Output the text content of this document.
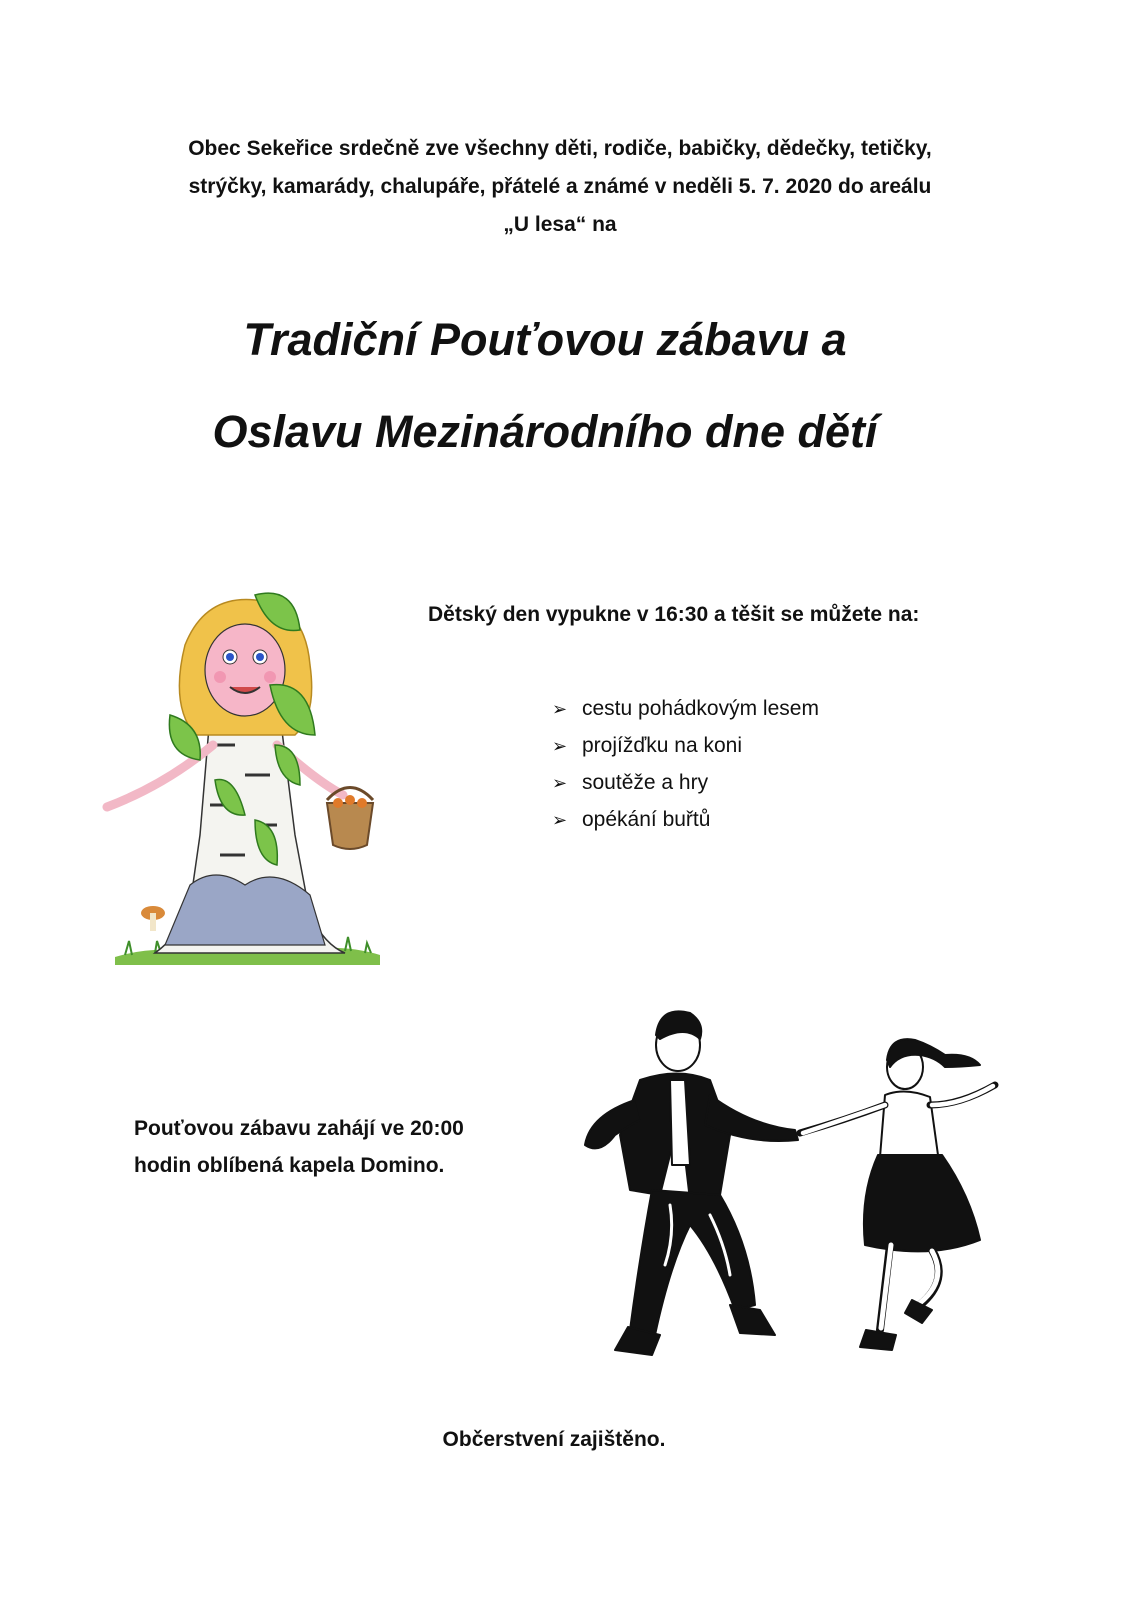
Obec Sekeřice srdečně zve všechny děti, rodiče, babičky, dědečky, tetičky,
strýčky, kamarády, chalupáře, přátelé a známé v neděli 5. 7. 2020 do areálu
„U lesa“ na
Tradiční Pouťovou zábavu a
Oslavu Mezinárodního dne dětí
Dětský den vypukne v 16:30 a těšit se můžete na:
➢ cestu pohádkovým lesem
➢ projížďku na koni
➢ soutěže a hry
➢ opékání buřtů
Pouťovou zábavu zahájí ve 20:00
hodin oblíbená kapela Domino.
Občerstvení zajištěno.
